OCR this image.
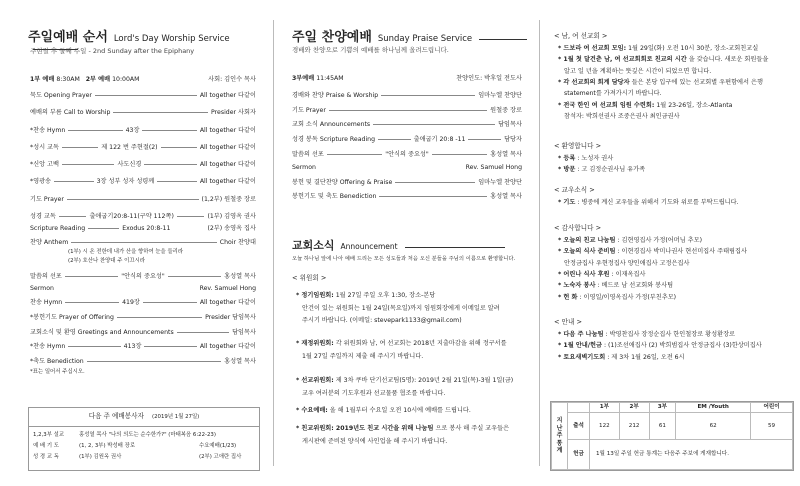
주일예배 순서 Lord's Day Worship Service
주현절 후 둘째 주일 - 2nd Sunday after the Epiphany
1부 예배 8:30AM 2부 예배 10:00AM	사회: 김인수 목사
묵도 Opening Prayer	All together 다같이
예배의 부름 Call to Worship	Presider 사회자
*찬송 Hymn	43장	All together 다같이
*성시 교독	제 122 번 주현절(2)	All together 다같이
*신앙 고백	사도신경	All together 다같이
*영광송	3장 성부 성자 성령께	All together 다같이
기도 Prayer	(1,2부) 원철중 장로
성경 교독	출애굽기20:8-11(구약 112쪽)	(1부) 김영옥 권사
Scripture Reading	Exodus 20:8-11	(2부) 송영옥 집사
찬양 Anthem	Choir 찬양대
(1부) 시 온 전한데 내가 산을 향하여 눈을 들리라
(2부) 호산나 찬양대 주 이끄시라
말씀의 선포	"안식의 중요성"	홍성열 목사
Sermon	Rev. Samuel Hong
찬송 Hymn	419장	All together 다같이
*봉헌기도 Prayer of Offering	Presider 담임목사
교회소식 및 환영 Greetings and Announcements	담임목사
*찬송 Hymn	413장	All together 다같이
*축도 Benediction	홍성열 목사
*표는 일어서 주십시오.
다음 주 예배봉사자 (2019년 1월 27일)
1,2,3부 설교	홍성열 목사 "나의 의도는 순수한가?" (마태복음 6:22-23)
예 배 기 도	(1, 2, 3부) 박성배 장로	수요예배(1/23)
성 경 교 독	(1부) 김원옥 권사	(2부) 고애란 집사
주일 찬양예배 Sunday Praise Service
경배와 찬양으로 기쁨의 예배를 하나님께 올려드립니다.
3부예배 11:45AM	찬양인도: 박후일 전도사
경배와 찬양 Praise & Worship	임마누엘 찬양단
기도 Prayer	원철중 장로
교회 소식 Announcements	담임목사
성경 봉독 Scripture Reading	출애굽기 20:8 -11	담당자
말씀의 선포	"안식의 중요성"	홍성열 목사
Sermon	Rev. Samuel Hong
봉헌 및 결단찬양 Offering & Praise	임마누엘 찬양단
봉헌기도 및 축도 Benediction	홍성열 목사
교회소식 Announcement
오늘 하나님 앞에 나아 예배 드리는 모든 성도들과 처음 오신 분들을 주님의 이름으로 환영합니다.
< 위원회 >
* 정기임원회: 1월 27일 주일 오후 1:30, 장소-본당
안건이 있는 위원회는 1월 24일(목요일)까지 임원회장에게 이메일로 알려
주시기 바랍니다. (이메일: stevepark1133@gmail.com)
* 재정위원회: 각 위원회와 남, 여 선교회는 2018년 지출마감을 위해 정구서를
1월 27일 주일까지 제출 해 주시기 바랍니다.
* 선교위원회: 제 3차 쿠바 단기선교팀(5명): 2019년 2월 21일(목)-3월 1일(금)
교우 여러분의 기도후원과 선교물품 협조를 바랍니다.
* 수요예배: 올 해 1월부터 수요일 오전 10시에 예배를 드립니다.
* 친교위원회: 2019년도 친교 시간을 위해 나눔팀 으로 봉사 해 주실 교우들은
게시판에 준비된 양식에 사인업을 해 주시기 바랍니다.
< 남, 여 선교회 >
* 드보라 여 선교회 모임: 1월 29일(화) 오전 10시 30분, 장소-교회친교실
* 1월 첫 달건춘 남, 여 선교회회로 친교의 시간 을 갖습니다. 새로운 회원들을
알고 일 년을 계획하는 뜻깊은 시간이 되었으면 합니다.
* 각 선교회의 회계 담당자 들은 본당 입구에 있는 선교회별 우편함에서 은행
statement를 가져가시기 바랍니다.
* 전국 한인 여 선교회 임원 수련회: 1월 23-26일, 장소-Atlanta
참석자: 박희선권사 조중은권사 최인금권사
< 환영합니다 >
* 등록 : 노성자 권사
* 방문 : 고 김정순권사님 유가족
< 교우소식 >
* 기도 : 병중에 계신 교우들을 위해서 기도와 위로를 부탁드립니다.
< 감사합니다 >
* 오늘의 친교 나눔팀 : 김현영집사 가정(어머님 추모)
* 오늘의 식사 준비팀 : 이현경집사 박미나권사 현선미집사 주태림집사
안정금집사 우현정집사 양인애집사 고정은집사
* 어린나 식사 후원 : 이재옥집사
* 노숙자 봉사 : 베드로 남 선교회와 봉사팀
* 헌 화 : 이영일/이영옥집사 가정(부친추모)
< 안내 >
* 다음 주 나눔팀 : 박영찬집사 장정순집사 한인철장로 황성환장로
* 1월 안내/헌금 : (1)조선애집사 (2) 박희범집사 안정금집사 (3)한상미집사
* 토요새벽기도회 : 제 3차 1월 26일, 오전 6시
지
난
주
통
계		1부	2부	3부	EM /Youth	어린이
	출석	122	212	61	62	59
	헌금	1월 13일 주일 헌금 통계는 다음주 주보에 게재합니다.				
